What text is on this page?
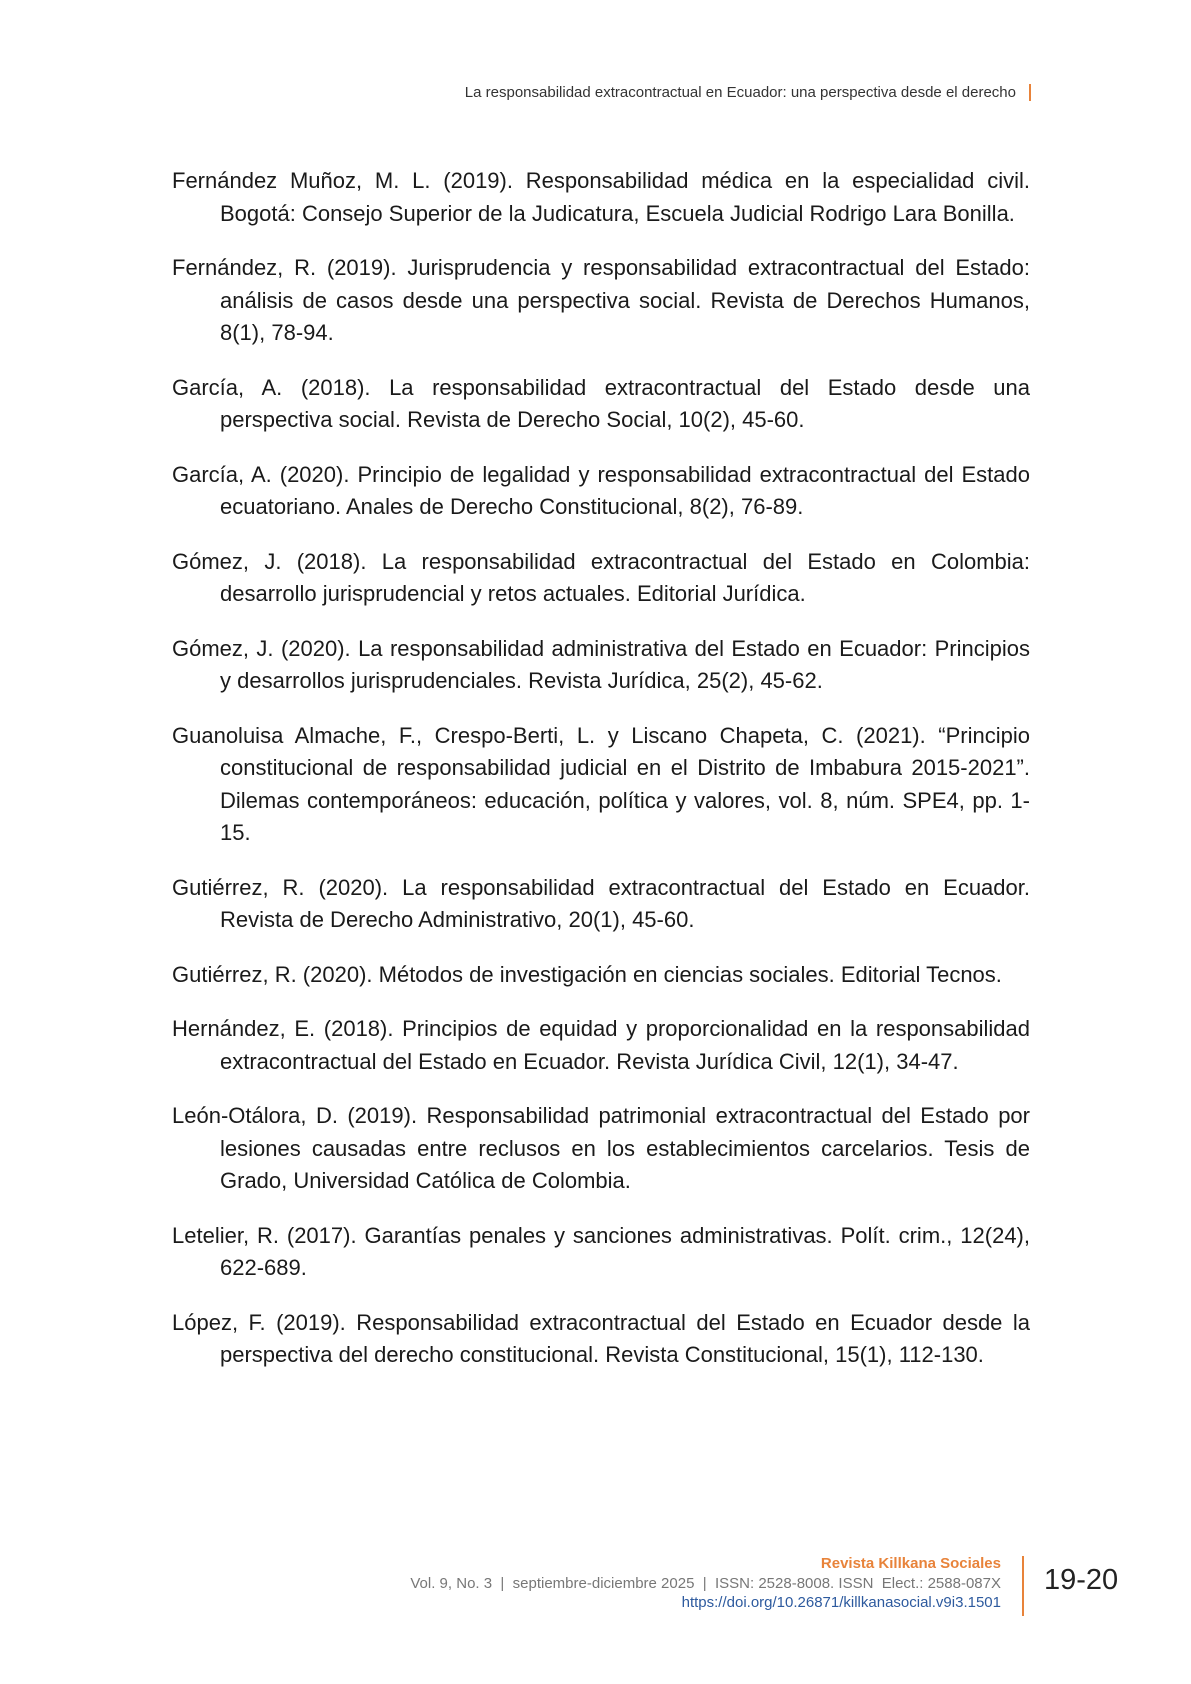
La responsabilidad extracontractual en Ecuador: una perspectiva desde el derecho
Fernández Muñoz, M. L. (2019). Responsabilidad médica en la especialidad civil. Bogotá: Consejo Superior de la Judicatura, Escuela Judicial Rodrigo Lara Bonilla.
Fernández, R. (2019). Jurisprudencia y responsabilidad extracontractual del Estado: análisis de casos desde una perspectiva social. Revista de Derechos Humanos, 8(1), 78-94.
García, A. (2018). La responsabilidad extracontractual del Estado desde una perspectiva social. Revista de Derecho Social, 10(2), 45-60.
García, A. (2020). Principio de legalidad y responsabilidad extracontractual del Estado ecuatoriano. Anales de Derecho Constitucional, 8(2), 76-89.
Gómez, J. (2018). La responsabilidad extracontractual del Estado en Colombia: desarrollo jurisprudencial y retos actuales. Editorial Jurídica.
Gómez, J. (2020). La responsabilidad administrativa del Estado en Ecuador: Principios y desarrollos jurisprudenciales. Revista Jurídica, 25(2), 45-62.
Guanoluisa Almache, F., Crespo-Berti, L. y Liscano Chapeta, C. (2021). “Principio constitucional de responsabilidad judicial en el Distrito de Imbabura 2015-2021”. Dilemas contemporáneos: educación, política y valores, vol. 8, núm. SPE4, pp. 1-15.
Gutiérrez, R. (2020). La responsabilidad extracontractual del Estado en Ecuador. Revista de Derecho Administrativo, 20(1), 45-60.
Gutiérrez, R. (2020). Métodos de investigación en ciencias sociales. Editorial Tecnos.
Hernández, E. (2018). Principios de equidad y proporcionalidad en la responsabilidad extracontractual del Estado en Ecuador. Revista Jurídica Civil, 12(1), 34-47.
León-Otálora, D. (2019). Responsabilidad patrimonial extracontractual del Estado por lesiones causadas entre reclusos en los establecimientos carcelarios. Tesis de Grado, Universidad Católica de Colombia.
Letelier, R. (2017). Garantías penales y sanciones administrativas. Polít. crim., 12(24), 622-689.
López, F. (2019). Responsabilidad extracontractual del Estado en Ecuador desde la perspectiva del derecho constitucional. Revista Constitucional, 15(1), 112-130.
Revista Killkana Sociales
Vol. 9, No. 3  |  septiembre-diciembre 2025  |  ISSN: 2528-8008. ISSN  Elect.: 2588-087X
https://doi.org/10.26871/killkanasocial.v9i3.1501
19-20
